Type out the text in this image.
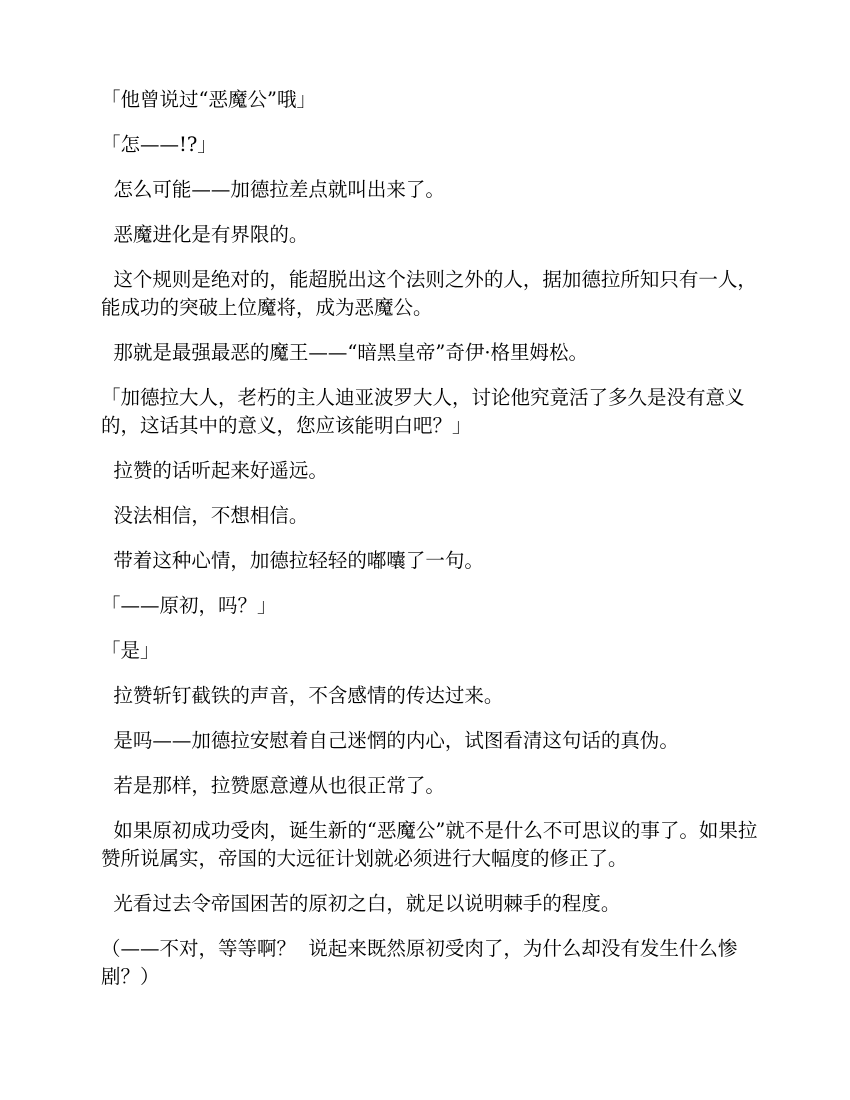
「他曾说过“恶魔公”哦」

「怎——!?」

怎么可能——加德拉差点就叫出来了。

恶魔进化是有界限的。

这个规则是绝对的，能超脱出这个法则之外的人，据加德拉所知只有一人，能成功的突破上位魔将，成为恶魔公。

那就是最强最恶的魔王——“暗黑皇帝”奇伊·格里姆松。

「加德拉大人，老朽的主人迪亚波罗大人，讨论他究竟活了多久是没有意义的，这话其中的意义，您应该能明白吧？」

拉赞的话听起来好遥远。

没法相信，不想相信。

带着这种心情，加德拉轻轻的嘟囔了一句。

「——原初，吗？」

「是」

拉赞斩钉截铁的声音，不含感情的传达过来。

是吗——加德拉安慰着自己迷惘的内心，试图看清这句话的真伪。

若是那样，拉赞愿意遵从也很正常了。

如果原初成功受肉，诞生新的“恶魔公”就不是什么不可思议的事了。如果拉赞所说属实，帝国的大远征计划就必须进行大幅度的修正了。

光看过去令帝国困苦的原初之白，就足以说明棘手的程度。

（——不对，等等啊？  说起来既然原初受肉了，为什么却没有发生什么惨剧？）
